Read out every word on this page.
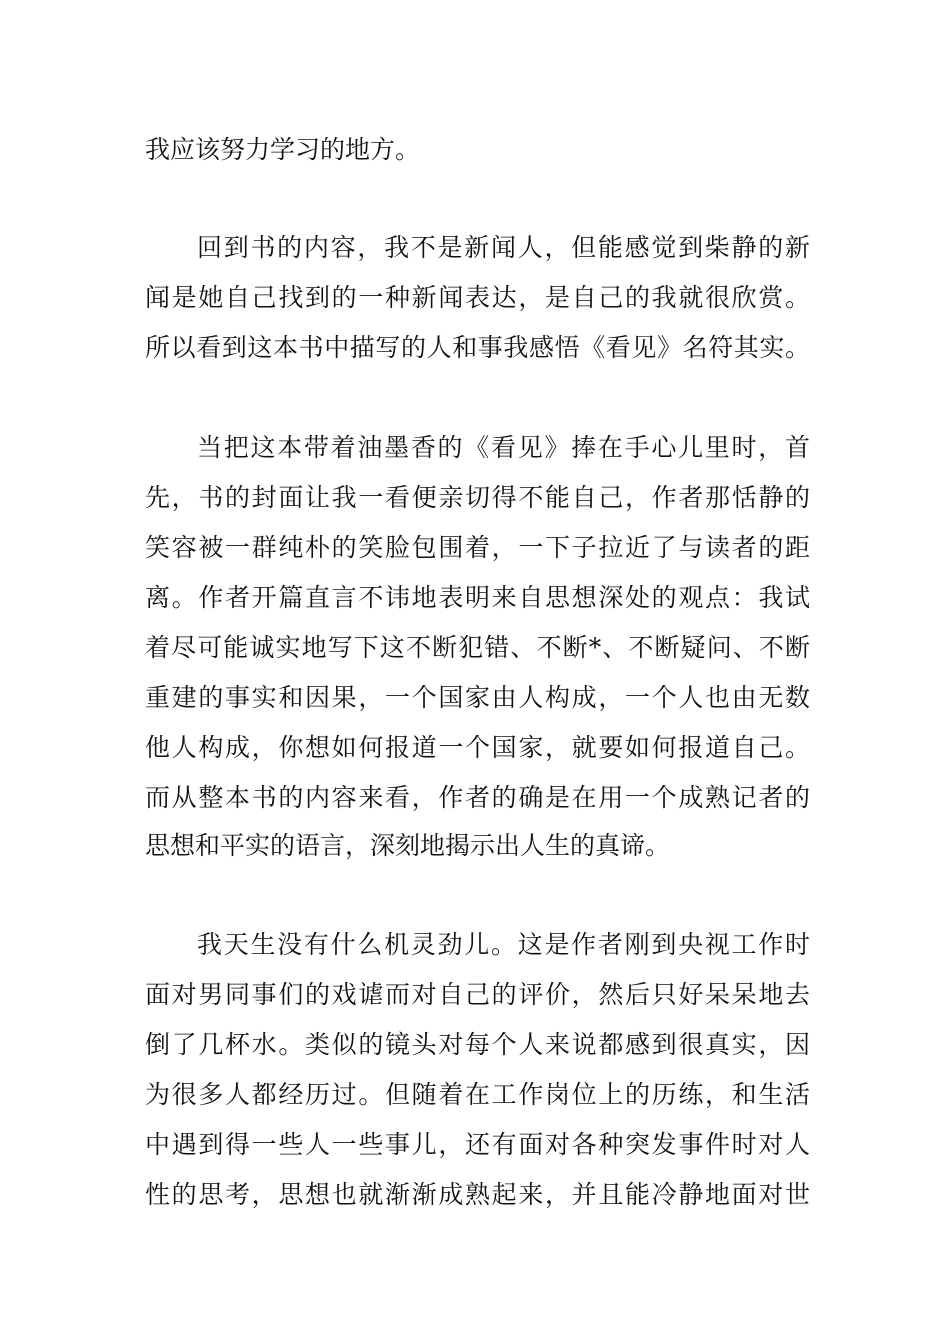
我应该努力学习的地方。
回到书的内容，我不是新闻人，但能感觉到柴静的新
闻是她自己找到的一种新闻表达，是自己的我就很欣赏。
所以看到这本书中描写的人和事我感悟《看见》名符其实。
当把这本带着油墨香的《看见》捧在手心儿里时，首
先，书的封面让我一看便亲切得不能自己，作者那恬静的
笑容被一群纯朴的笑脸包围着，一下子拉近了与读者的距
离。作者开篇直言不讳地表明来自思想深处的观点：我试
着尽可能诚实地写下这不断犯错、不断*、不断疑问、不断
重建的事实和因果，一个国家由人构成，一个人也由无数
他人构成，你想如何报道一个国家，就要如何报道自己。
而从整本书的内容来看，作者的确是在用一个成熟记者的
思想和平实的语言，深刻地揭示出人生的真谛。
我天生没有什么机灵劲儿。这是作者刚到央视工作时
面对男同事们的戏谑而对自己的评价，然后只好呆呆地去
倒了几杯水。类似的镜头对每个人来说都感到很真实，因
为很多人都经历过。但随着在工作岗位上的历练，和生活
中遇到得一些人一些事儿，还有面对各种突发事件时对人
性的思考，思想也就渐渐成熟起来，并且能冷静地面对世
